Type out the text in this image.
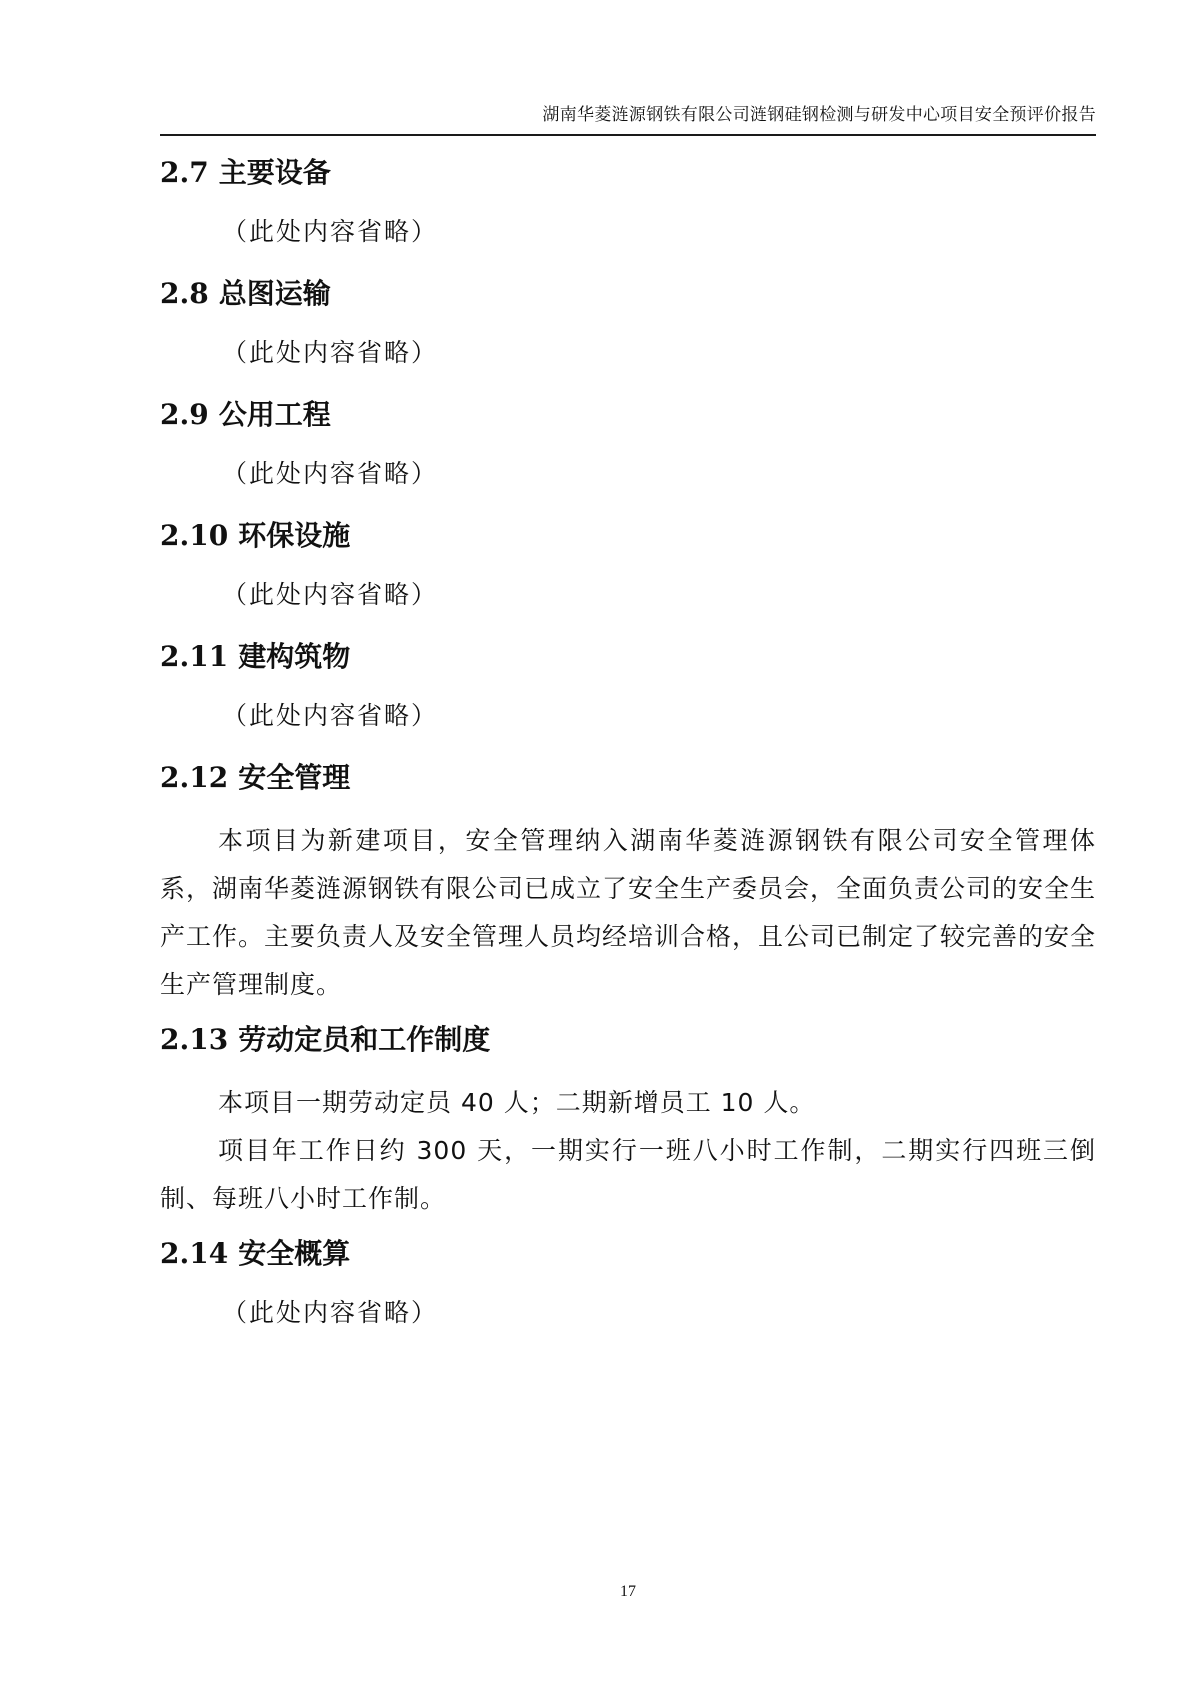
湖南华菱涟源钢铁有限公司涟钢硅钢检测与研发中心项目安全预评价报告
2.7 主要设备

（此处内容省略）

2.8 总图运输

（此处内容省略）

2.9 公用工程

（此处内容省略）

2.10 环保设施

（此处内容省略）

2.11 建构筑物

（此处内容省略）

2.12 安全管理

本项目为新建项目，安全管理纳入湖南华菱涟源钢铁有限公司安全管理体系，湖南华菱涟源钢铁有限公司已成立了安全生产委员会，全面负责公司的安全生产工作。主要负责人及安全管理人员均经培训合格，且公司已制定了较完善的安全生产管理制度。

2.13 劳动定员和工作制度

本项目一期劳动定员 40 人；二期新增员工 10 人。

项目年工作日约 300 天，一期实行一班八小时工作制，二期实行四班三倒制、每班八小时工作制。

2.14 安全概算

（此处内容省略）

17
